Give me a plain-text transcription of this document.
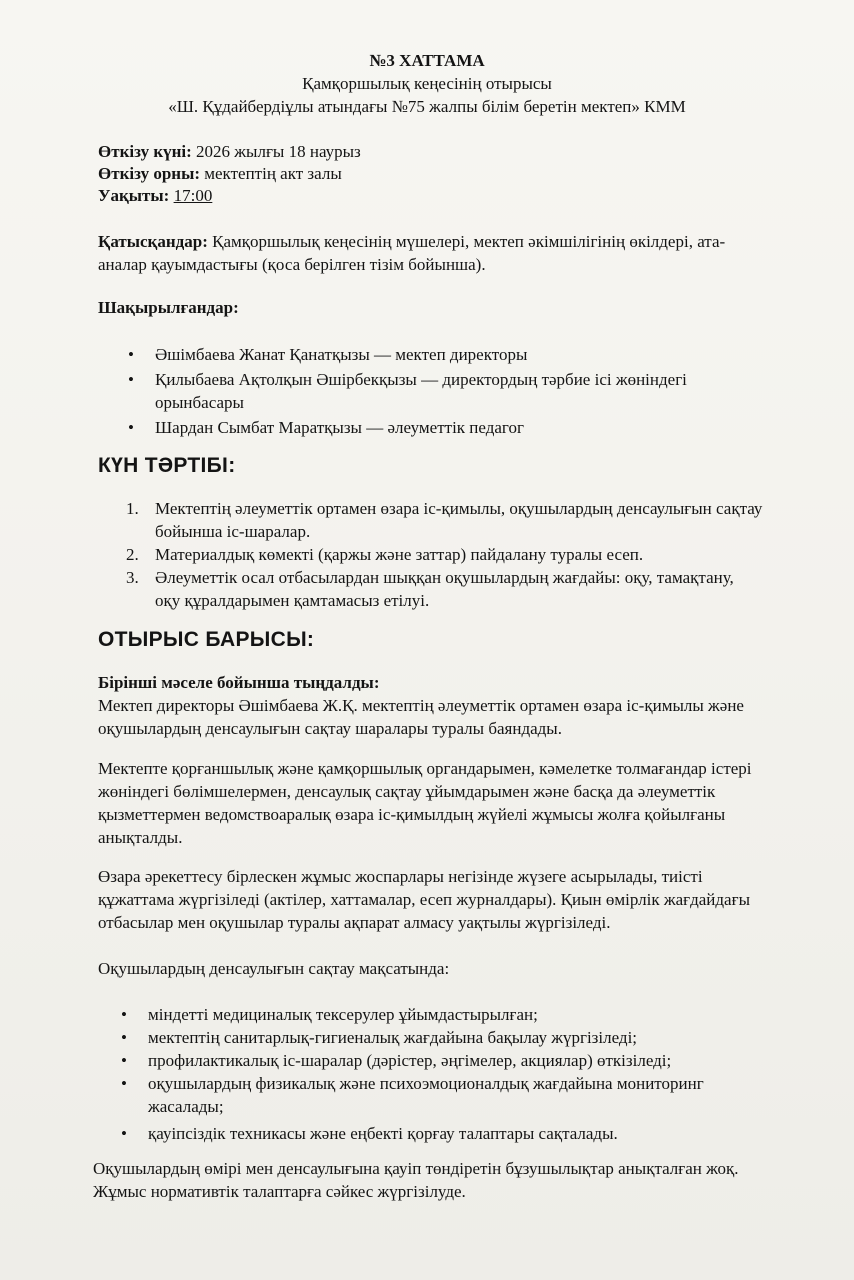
№3 ХАТТАМА
Қамқоршылық кеңесінің отырысы
«Ш. Құдайбердіұлы атындағы №75 жалпы білім беретін мектеп» КММ
Өткізу күні: 2026 жылғы 18 наурыз
Өткізу орны: мектептің акт залы
Уақыты: 17:00
Қатысқандар: Қамқоршылық кеңесінің мүшелері, мектеп әкімшілігінің өкілдері, ата-
аналар қауымдастығы (қоса берілген тізім бойынша).
Шақырылғандар:
• Әшімбаева Жанат Қанатқызы — мектеп директоры
• Қилыбаева Ақтолқын Әшірбекқызы — директордың тәрбие ісі жөніндегі
орынбасары
• Шардан Сымбат Маратқызы — әлеуметтік педагог
КҮН ТӘРТІБІ:
1. Мектептің әлеуметтік ортамен өзара іс-қимылы, оқушылардың денсаулығын сақтау
бойынша іс-шаралар.
2. Материалдық көмекті (қаржы және заттар) пайдалану туралы есеп.
3. Әлеуметтік осал отбасылардан шыққан оқушылардың жағдайы: оқу, тамақтану,
оқу құралдарымен қамтамасыз етілуі.
ОТЫРЫС БАРЫСЫ:
Бірінші мәселе бойынша тыңдалды:
Мектеп директоры Әшімбаева Ж.Қ. мектептің әлеуметтік ортамен өзара іс-қимылы және
оқушылардың денсаулығын сақтау шаралары туралы баяндады.
Мектепте қорғаншылық және қамқоршылық органдарымен, кәмелетке толмағандар істері
жөніндегі бөлімшелермен, денсаулық сақтау ұйымдарымен және басқа да әлеуметтік
қызметтермен ведомствоаралық өзара іс-қимылдың жүйелі жұмысы жолға қойылғаны
анықталды.
Өзара әрекеттесу бірлескен жұмыс жоспарлары негізінде жүзеге асырылады, тиісті
құжаттама жүргізіледі (актілер, хаттамалар, есеп журналдары). Қиын өмірлік жағдайдағы
отбасылар мен оқушылар туралы ақпарат алмасу уақтылы жүргізіледі.
Оқушылардың денсаулығын сақтау мақсатында:
• міндетті медициналық тексерулер ұйымдастырылған;
• мектептің санитарлық-гигиеналық жағдайына бақылау жүргізіледі;
• профилактикалық іс-шаралар (дәрістер, әңгімелер, акциялар) өткізіледі;
• оқушылардың физикалық және психоэмоционалдық жағдайына мониторинг
жасалады;
• қауіпсіздік техникасы және еңбекті қорғау талаптары сақталады.
Оқушылардың өмірі мен денсаулығына қауіп төндіретін бұзушылықтар анықталған жоқ.
Жұмыс нормативтік талаптарға сәйкес жүргізілуде.
